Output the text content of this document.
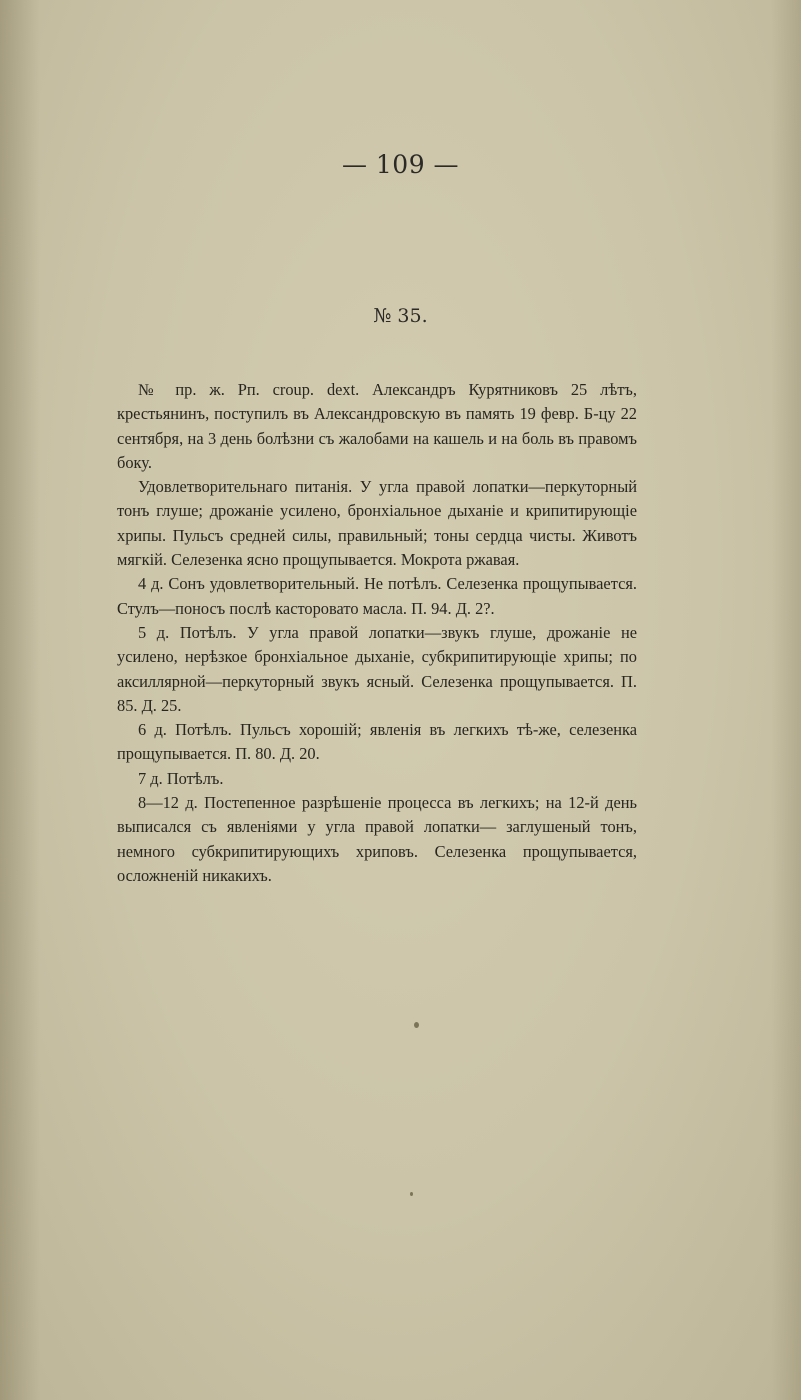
— 109 —
№ 35.

№ пр. ж. Рп. croup. dext. Александръ Курятниковъ 25 лѣтъ, крестьянинъ, поступилъ въ Александровскую въ память 19 февр. Б-цу 22 сентября, на 3 день болѣзни съ жалобами на кашель и на боль въ правомъ боку.

Удовлетворительнаго питанія. У угла правой лопатки—перкуторный тонъ глуше; дрожаніе усилено, бронхіальное дыханіе и крипитирующіе хрипы. Пульсъ средней силы, правильный; тоны сердца чисты. Животъ мягкій. Селезенка ясно прощупывается. Мокрота ржавая.

4 д. Сонъ удовлетворительный. Не потѣлъ. Селезенка прощупывается. Стулъ—поносъ послѣ касторовато масла. П. 94. Д. 2?.

5 д. Потѣлъ. У угла правой лопатки—звукъ глуше, дрожаніе не усилено, нерѣзкое бронхіальное дыханіе, субкрипитирующіе хрипы; по аксиллярной—перкуторный звукъ ясный. Селезенка прощупывается. П. 85. Д. 25.

6 д. Потѣлъ. Пульсъ хорошій; явленія въ легкихъ тѣ-же, селезенка прощупывается. П. 80. Д. 20.

7 д. Потѣлъ.

8—12 д. Постепенное разрѣшеніе процесса въ легкихъ; на 12-й день выписался съ явленіями у угла правой лопатки— заглушеный тонъ, немного субкрипитирующихъ хриповъ. Селезенка прощупывается, осложненій никакихъ.
